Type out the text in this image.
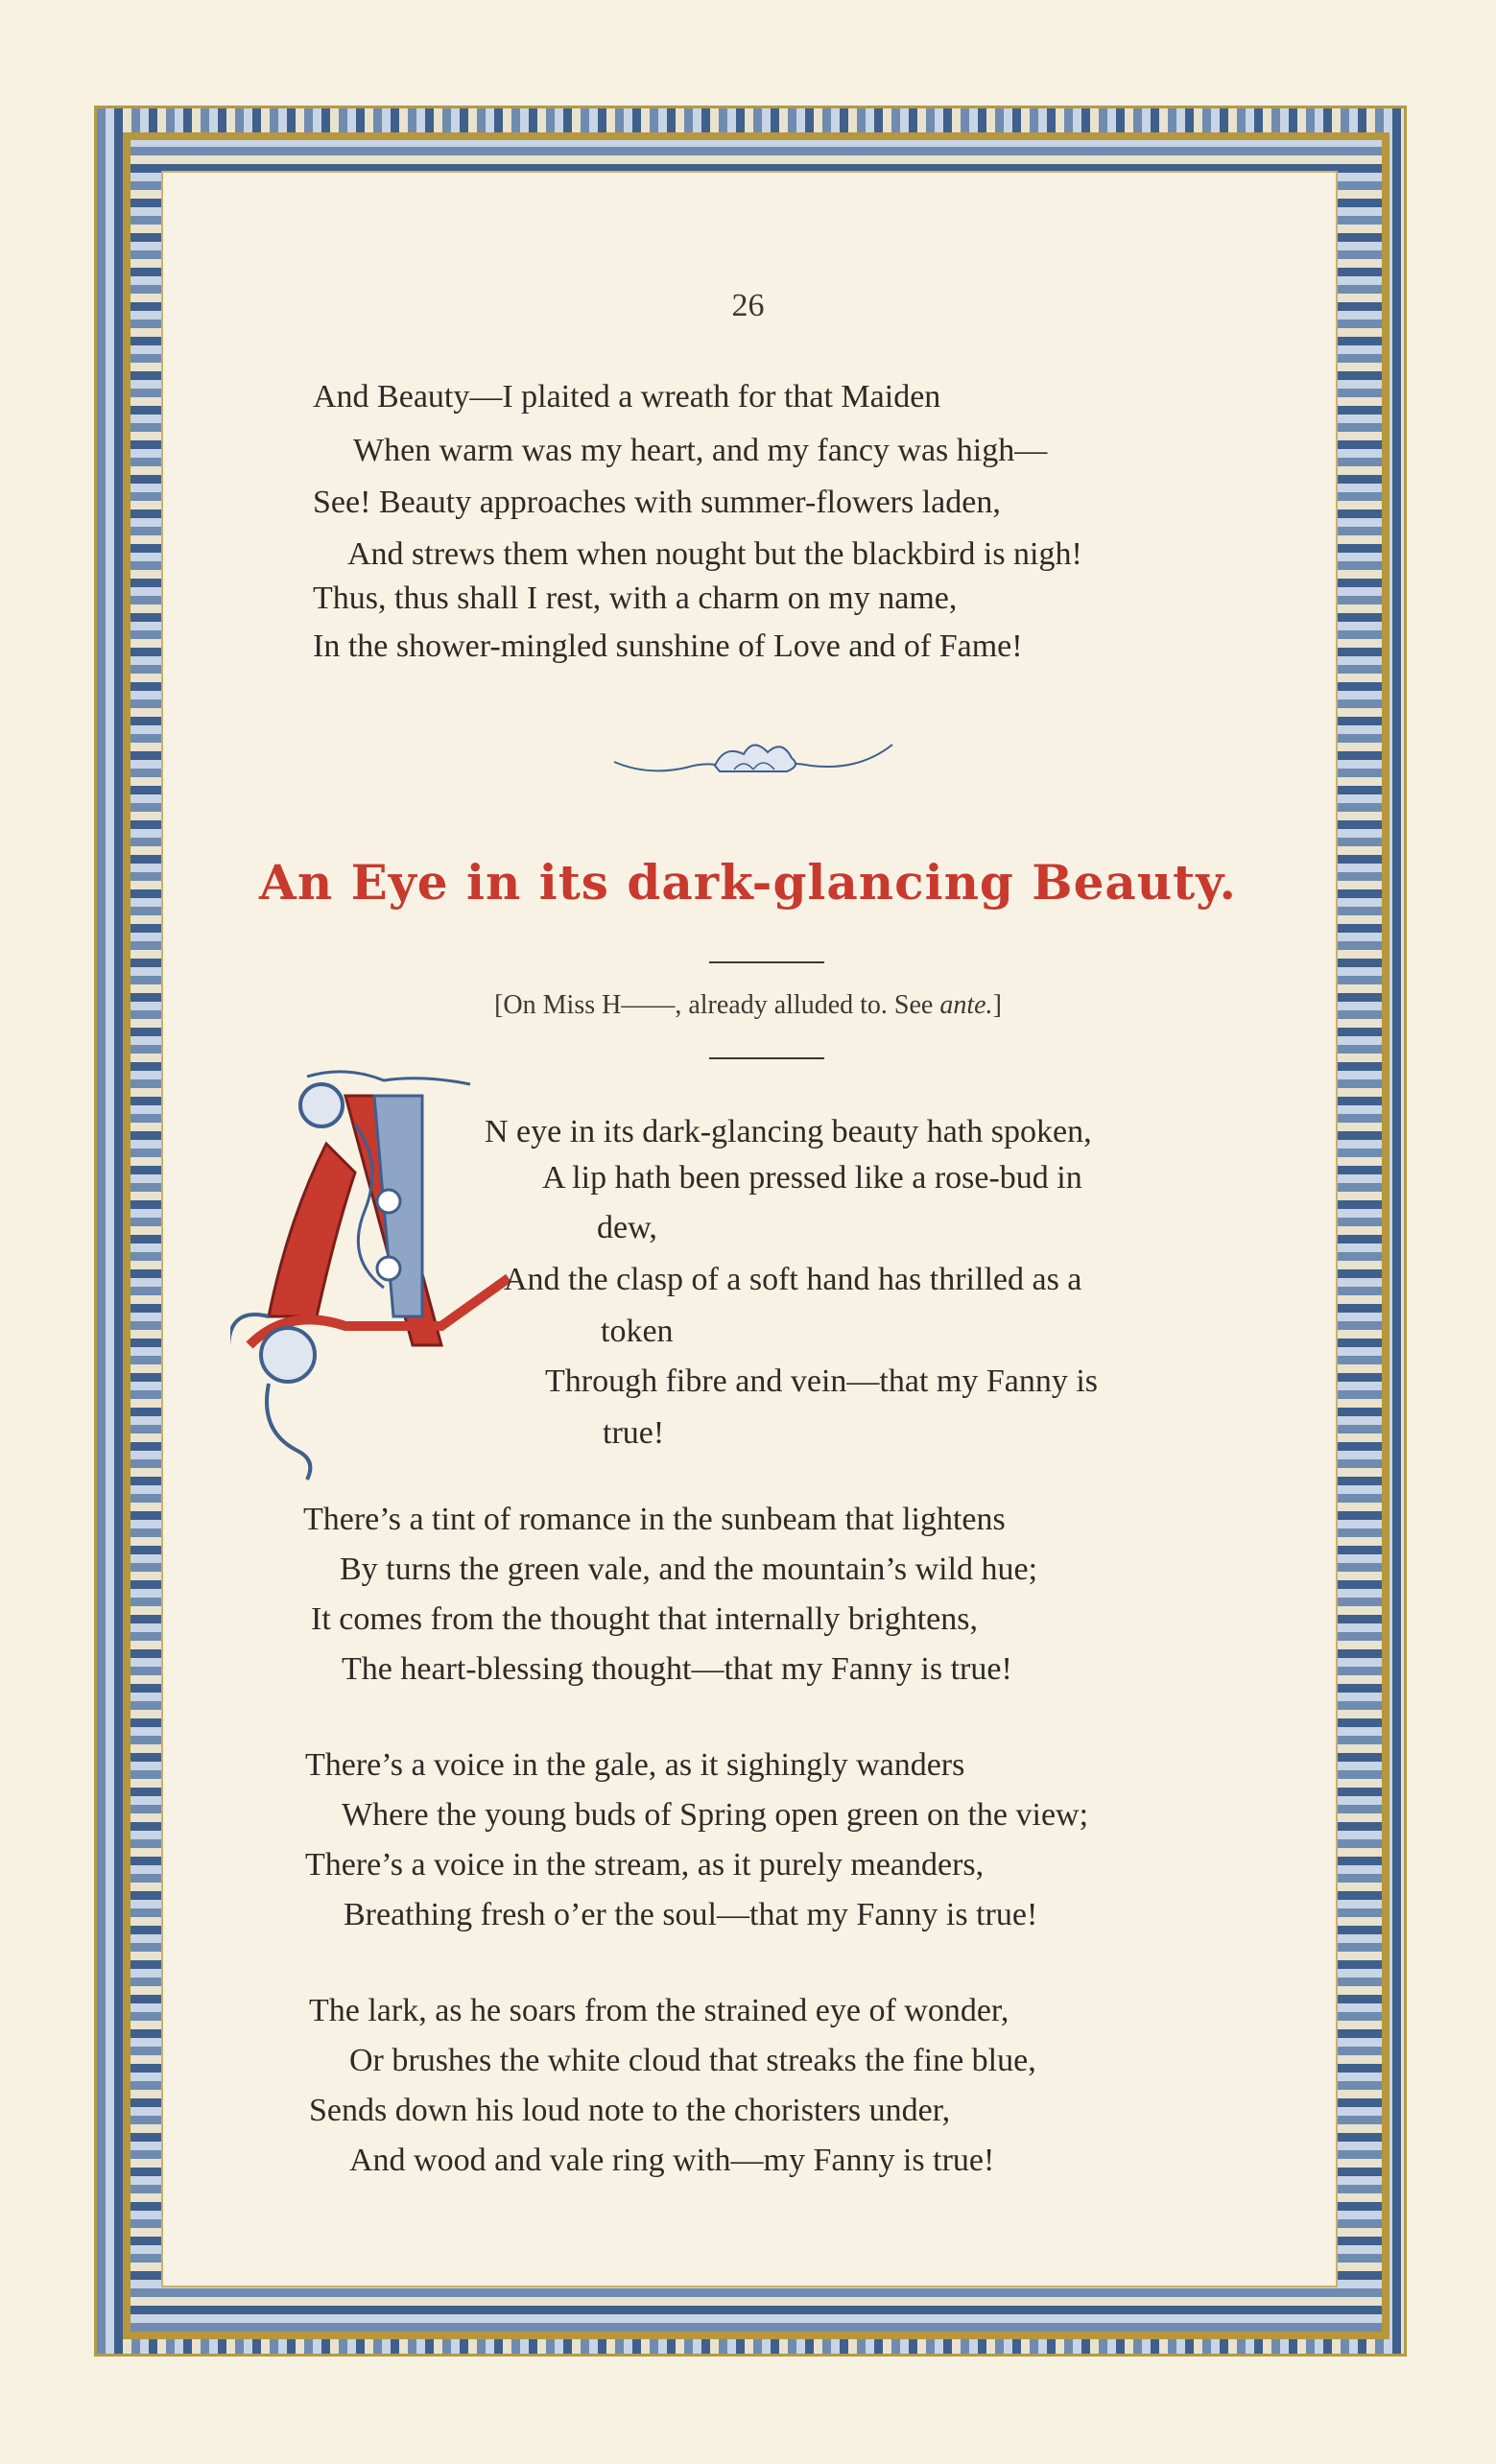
26
And Beauty—I plaited a wreath for that Maiden
When warm was my heart, and my fancy was high—
See! Beauty approaches with summer-flowers laden,
And strews them when nought but the blackbird is nigh!
Thus, thus shall I rest, with a charm on my name,
In the shower-mingled sunshine of Love and of Fame!
An Eye in its dark-glancing Beauty.
[On Miss H——, already alluded to. See ante.]
A
N eye in its dark-glancing beauty hath spoken,
A lip hath been pressed like a rose-bud in
dew,
And the clasp of a soft hand has thrilled as a
token
Through fibre and vein—that my Fanny is
true!
There’s a tint of romance in the sunbeam that lightens
By turns the green vale, and the mountain’s wild hue;
It comes from the thought that internally brightens,
The heart-blessing thought—that my Fanny is true!
There’s a voice in the gale, as it sighingly wanders
Where the young buds of Spring open green on the view;
There’s a voice in the stream, as it purely meanders,
Breathing fresh o’er the soul—that my Fanny is true!
The lark, as he soars from the strained eye of wonder,
Or brushes the white cloud that streaks the fine blue,
Sends down his loud note to the choristers under,
And wood and vale ring with—my Fanny is true!
